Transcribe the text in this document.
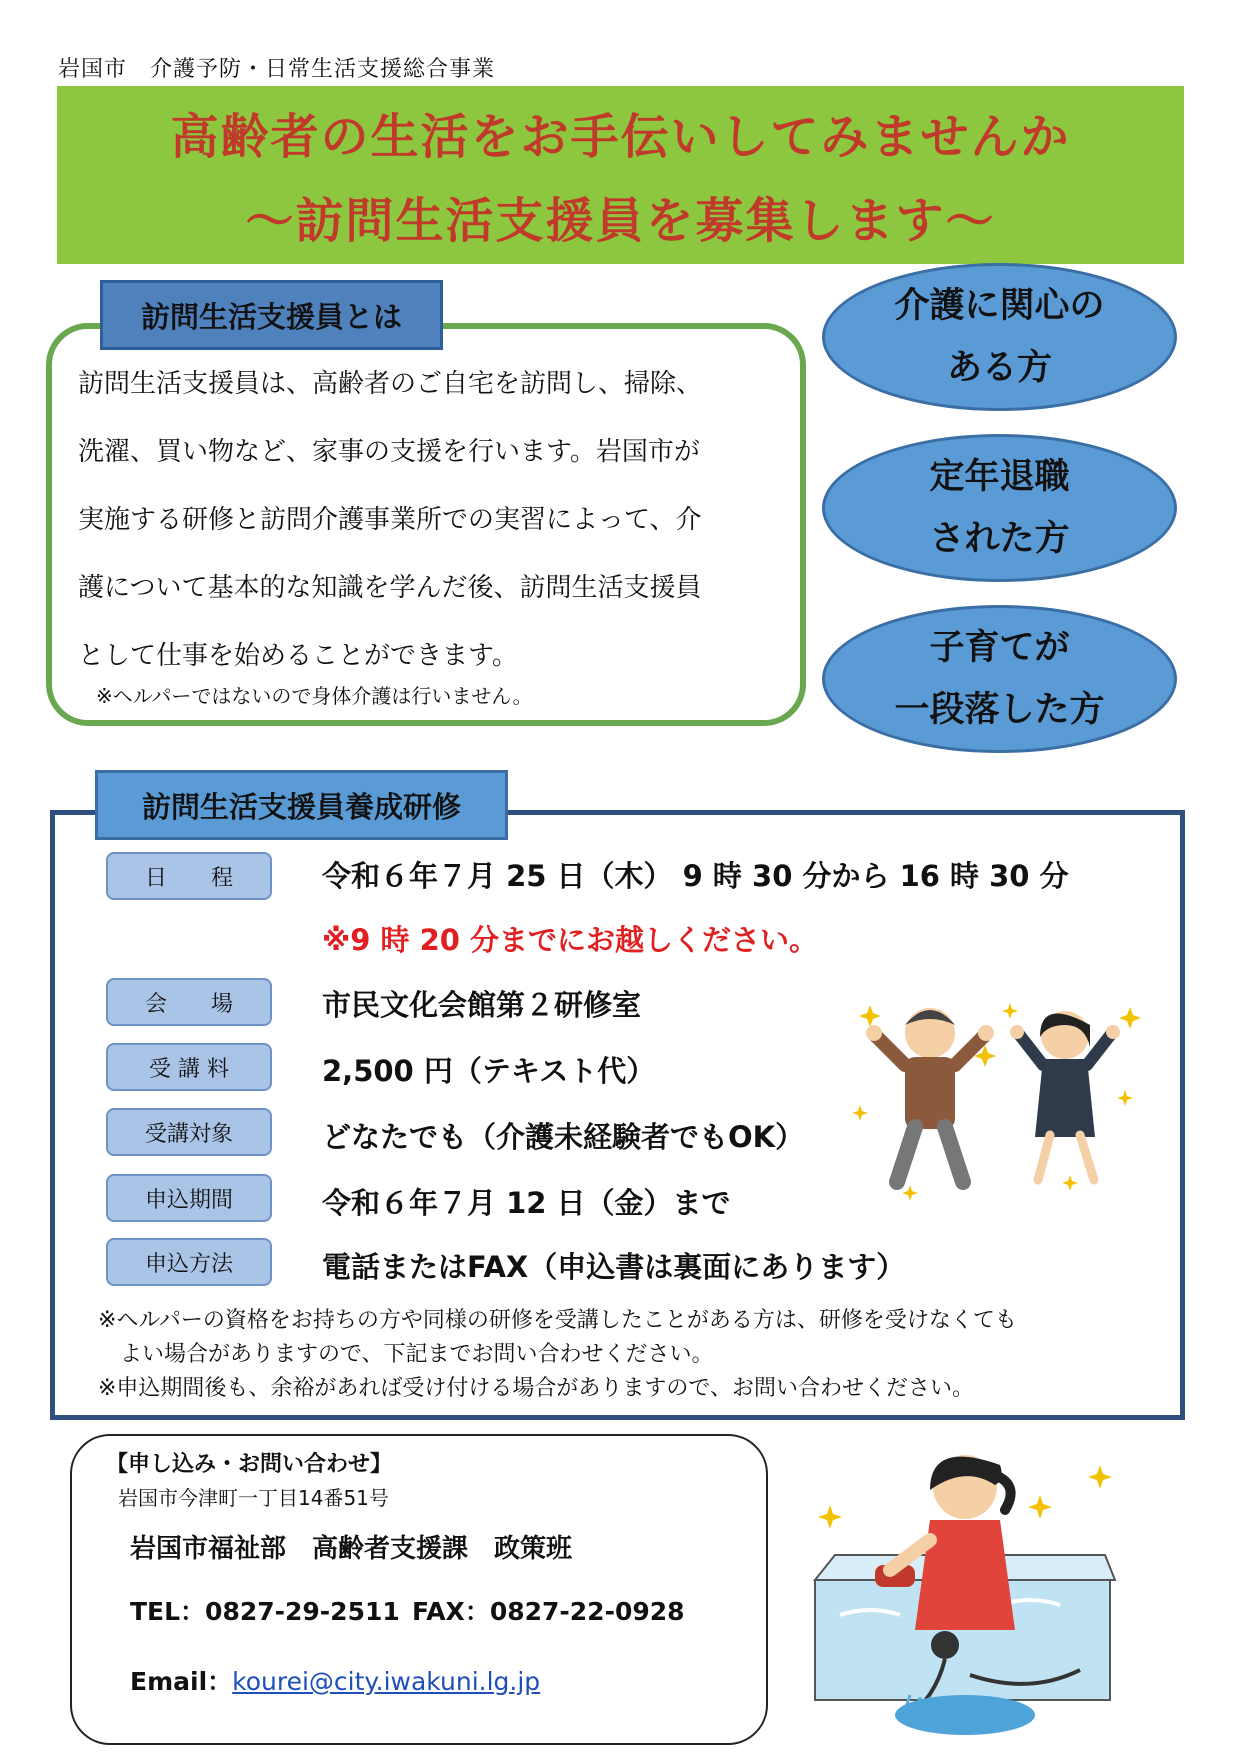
岩国市　介護予防・日常生活支援総合事業
高齢者の生活をお手伝いしてみませんか
～訪問生活支援員を募集します～
訪問生活支援員とは
訪問生活支援員は、高齢者のご自宅を訪問し、掃除、
洗濯、買い物など、家事の支援を行います。岩国市が
実施する研修と訪問介護事業所での実習によって、介
護について基本的な知識を学んだ後、訪問生活支援員
として仕事を始めることができます。
※ヘルパーではないので身体介護は行いません。
介護に関心の
ある方
定年退職
された方
子育てが
一段落した方
訪問生活支援員養成研修
日　　程	令和６年７月 25 日（木） 9 時 30 分から 16 時 30 分
※9 時 20 分までにお越しください。
会　　場	市民文化会館第２研修室
受 講 料	2,500 円（テキスト代）
受講対象	どなたでも（介護未経験者でもOK）
申込期間	令和６年７月 12 日（金）まで
申込方法	電話またはFAX（申込書は裏面にあります）
※ヘルパーの資格をお持ちの方や同様の研修を受講したことがある方は、研修を受けなくても
　よい場合がありますので、下記までお問い合わせください。
※申込期間後も、余裕があれば受け付ける場合がありますので、お問い合わせください。
【申し込み・お問い合わせ】
岩国市今津町一丁目14番51号
岩国市福祉部　高齢者支援課　政策班
TEL：0827-29-2511 FAX：0827-22-0928
Email：kourei@city.iwakuni.lg.jp
